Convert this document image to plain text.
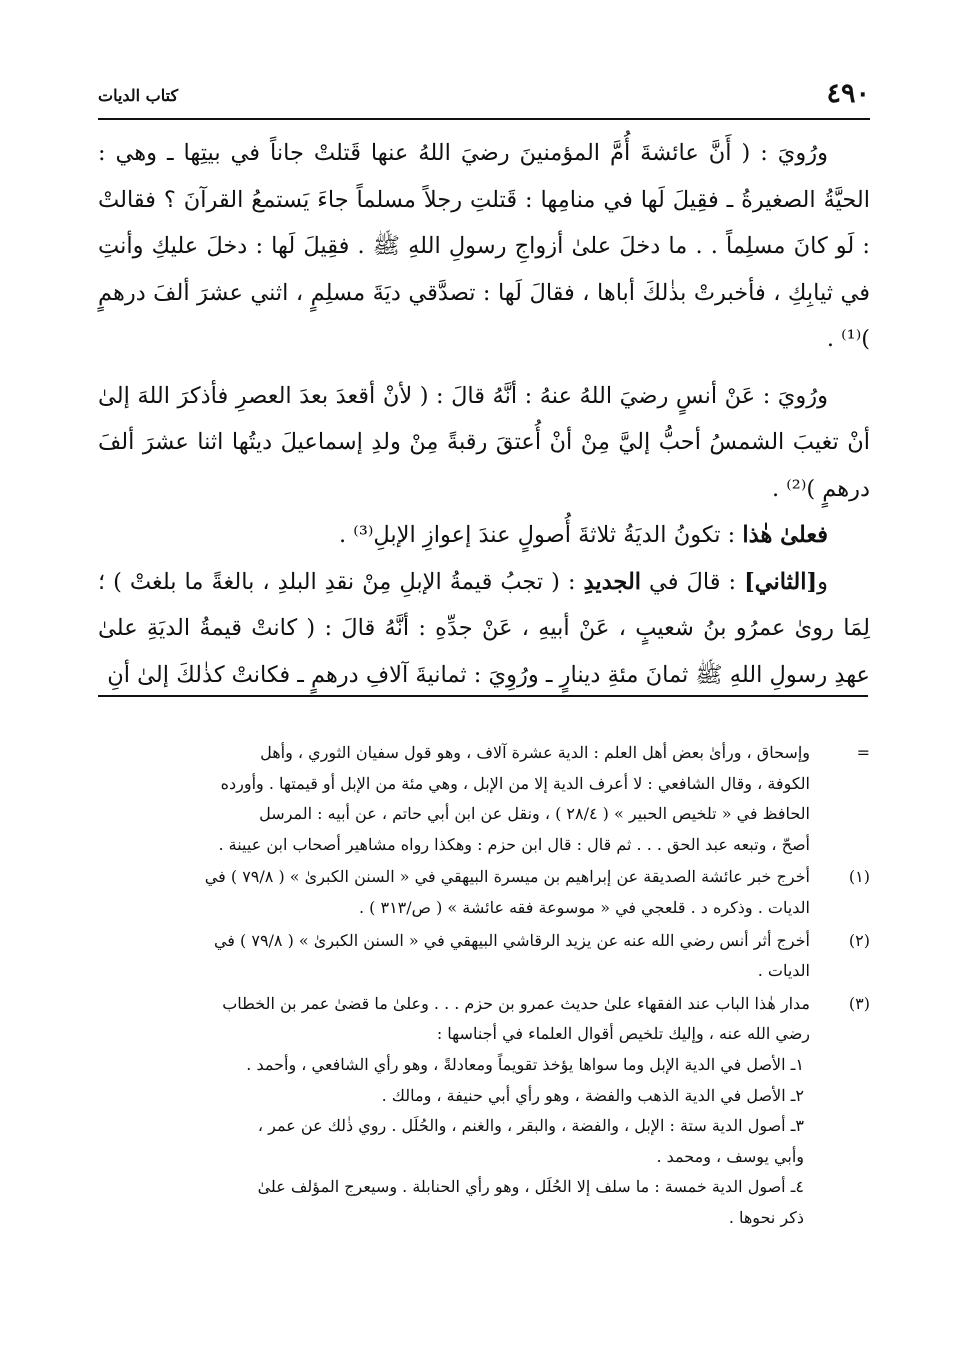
٤٩٠
كتاب الديات

ورُويَ : ( أَنَّ عائشةَ أُمَّ المؤمنينَ رضيَ اللهُ عنها قَتلتْ جاناً في بيتِها ـ وهي : الحيَّةُ الصغيرةُ ـ فقِيلَ لَها في منامِها : قَتلتِ رجلاً مسلماً جاءَ يَستمعُ القرآنَ ؟ فقالتْ : لَو كانَ مسلِماً . . ما دخلَ علىٰ أزواجِ رسولِ اللهِ ﷺ . فقِيلَ لَها : دخلَ عليكِ وأنتِ في ثيابِكِ ، فأخبرتْ بذٰلكَ أباها ، فقالَ لَها : تصدَّقي ديَةَ مسلِمٍ ، اثني عشرَ ألفَ درهمٍ )⁽¹⁾ .

ورُويَ : عَنْ أنسٍ رضيَ اللهُ عنهُ : أنَّهُ قالَ : ( لأنْ أقعدَ بعدَ العصرِ فأذكرَ اللهَ إلىٰ أنْ تغيبَ الشمسُ أحبُّ إليَّ مِنْ أنْ أُعتقَ رقبةً مِنْ ولدِ إسماعيلَ ديتُها اثنا عشرَ ألفَ درهمٍ )⁽²⁾ .

فعلىٰ هٰذا : تكونُ الديَةُ ثلاثةَ أُصولٍ عندَ إعوازِ الإبلِ⁽³⁾ .

و[الثاني] : قالَ في الجديدِ : ( تجبُ قيمةُ الإبلِ مِنْ نقدِ البلدِ ، بالغةً ما بلغتْ ) ؛ لِمَا روىٰ عمرُو بنُ شعيبٍ ، عَنْ أبيهِ ، عَنْ جدِّهِ : أنَّهُ قالَ : ( كانتْ قيمةُ الديَةِ علىٰ عهدِ رسولِ اللهِ ﷺ ثمانَ مئةِ دينارٍ ـ ورُوِيَ : ثمانيةَ آلافِ درهمٍ ـ فكانتْ كذٰلكَ إلىٰ أنِ

=
وإسحاق ، ورأىٰ بعض أهل العلم : الدية عشرة آلاف ، وهو قول سفيان الثوري ، وأهل
الكوفة ، وقال الشافعي : لا أعرف الدية إلا من الإبل ، وهي مئة من الإبل أو قيمتها . وأورده
الحافظ في « تلخيص الحبير » ( ٢٨/٤ ) ، ونقل عن ابن أبي حاتم ، عن أبيه : المرسل
أصحّ ، وتبعه عبد الحق . . . ثم قال : قال ابن حزم : وهكذا رواه مشاهير أصحاب ابن عيينة .
(١)
أخرج خبر عائشة الصديقة عن إبراهيم بن ميسرة البيهقي في « السنن الكبرىٰ » ( ٧٩/٨ ) في
الديات . وذكره د . قلعجي في « موسوعة فقه عائشة » ( ص/٣١٣ ) .
(٢)
أخرج أثر أنس رضي الله عنه عن يزيد الرقاشي البيهقي في « السنن الكبرىٰ » ( ٧٩/٨ ) في
الديات .
(٣)
مدار هٰذا الباب عند الفقهاء علىٰ حديث عمرو بن حزم . . . وعلىٰ ما قضىٰ عمر بن الخطاب
رضي الله عنه ، وإليك تلخيص أقوال العلماء في أجناسها :
١ـ الأصل في الدية الإبل وما سواها يؤخذ تقويماً ومعادلةً ، وهو رأي الشافعي ، وأحمد .
٢ـ الأصل في الدية الذهب والفضة ، وهو رأي أبي حنيفة ، ومالك .
٣ـ أصول الدية ستة : الإبل ، والفضة ، والبقر ، والغنم ، والحُلَل . روي ذٰلك عن عمر ،
وأبي يوسف ، ومحمد .
٤ـ أصول الدية خمسة : ما سلف إلا الحُلَل ، وهو رأي الحنابلة . وسيعرج المؤلف علىٰ
ذكر نحوها .
